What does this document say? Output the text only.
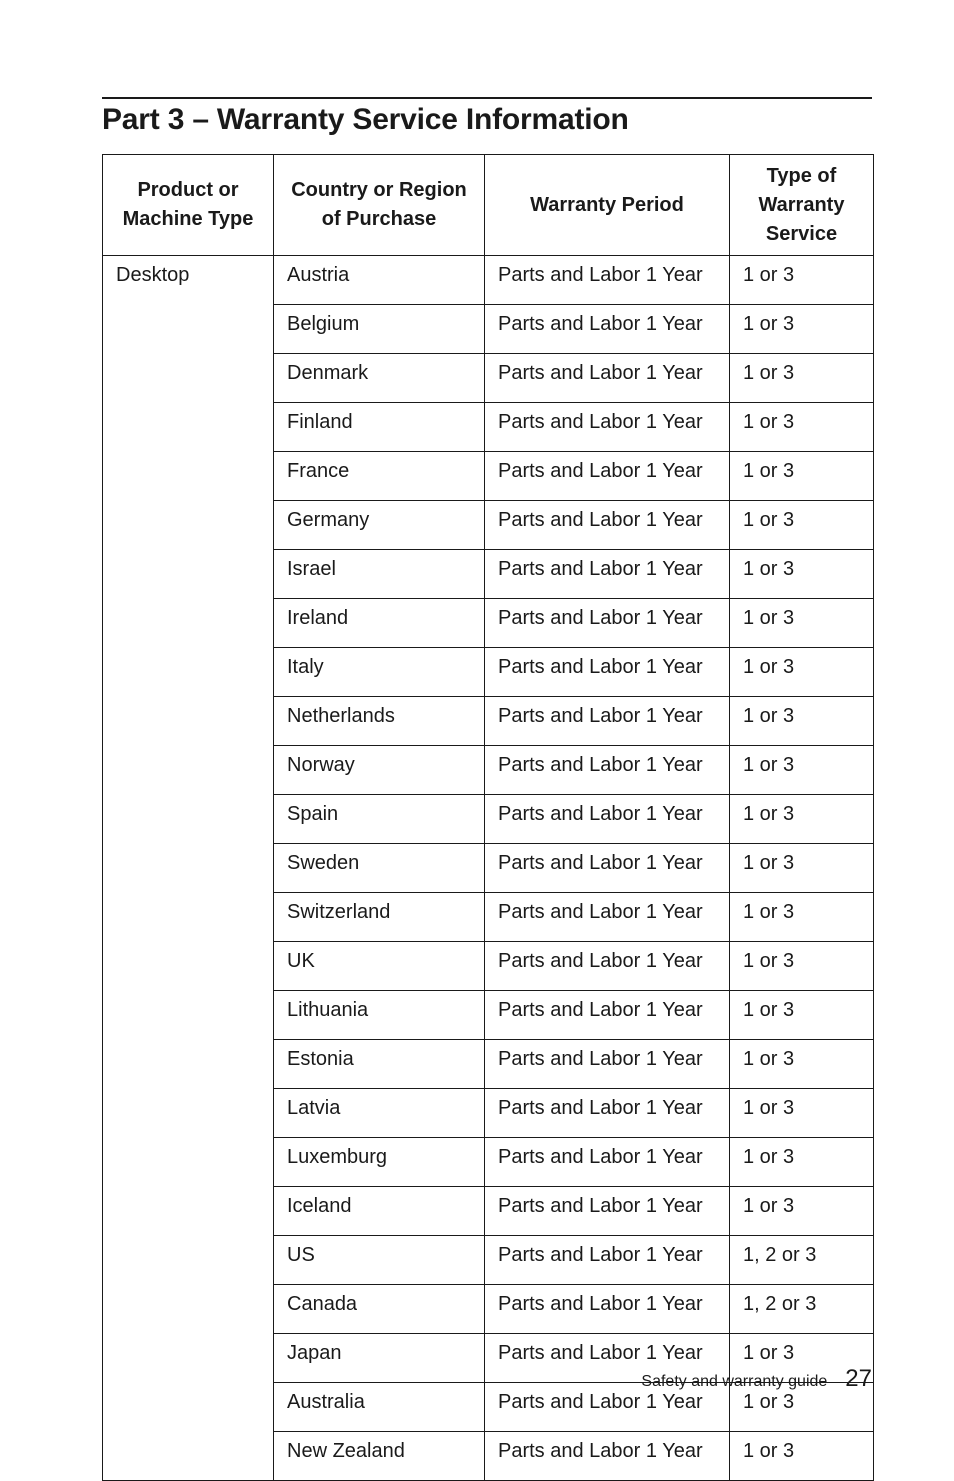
Part 3 – Warranty Service Information
Product or Machine Type	Country or Region of Purchase	Warranty Period	Type of Warranty Service
Desktop	Austria	Parts and Labor 1 Year	1 or 3
	Belgium	Parts and Labor 1 Year	1 or 3
	Denmark	Parts and Labor 1 Year	1 or 3
	Finland	Parts and Labor 1 Year	1 or 3
	France	Parts and Labor 1 Year	1 or 3
	Germany	Parts and Labor 1 Year	1 or 3
	Israel	Parts and Labor 1 Year	1 or 3
	Ireland	Parts and Labor 1 Year	1 or 3
	Italy	Parts and Labor 1 Year	1 or 3
	Netherlands	Parts and Labor 1 Year	1 or 3
	Norway	Parts and Labor 1 Year	1 or 3
	Spain	Parts and Labor 1 Year	1 or 3
	Sweden	Parts and Labor 1 Year	1 or 3
	Switzerland	Parts and Labor 1 Year	1 or 3
	UK	Parts and Labor 1 Year	1 or 3
	Lithuania	Parts and Labor 1 Year	1 or 3
	Estonia	Parts and Labor 1 Year	1 or 3
	Latvia	Parts and Labor 1 Year	1 or 3
	Luxemburg	Parts and Labor 1 Year	1 or 3
	Iceland	Parts and Labor 1 Year	1 or 3
	US	Parts and Labor 1 Year	1, 2 or 3
	Canada	Parts and Labor 1 Year	1, 2 or 3
	Japan	Parts and Labor 1 Year	1 or 3
	Australia	Parts and Labor 1 Year	1 or 3
	New Zealand	Parts and Labor 1 Year	1 or 3
Safety and warranty guide 27
